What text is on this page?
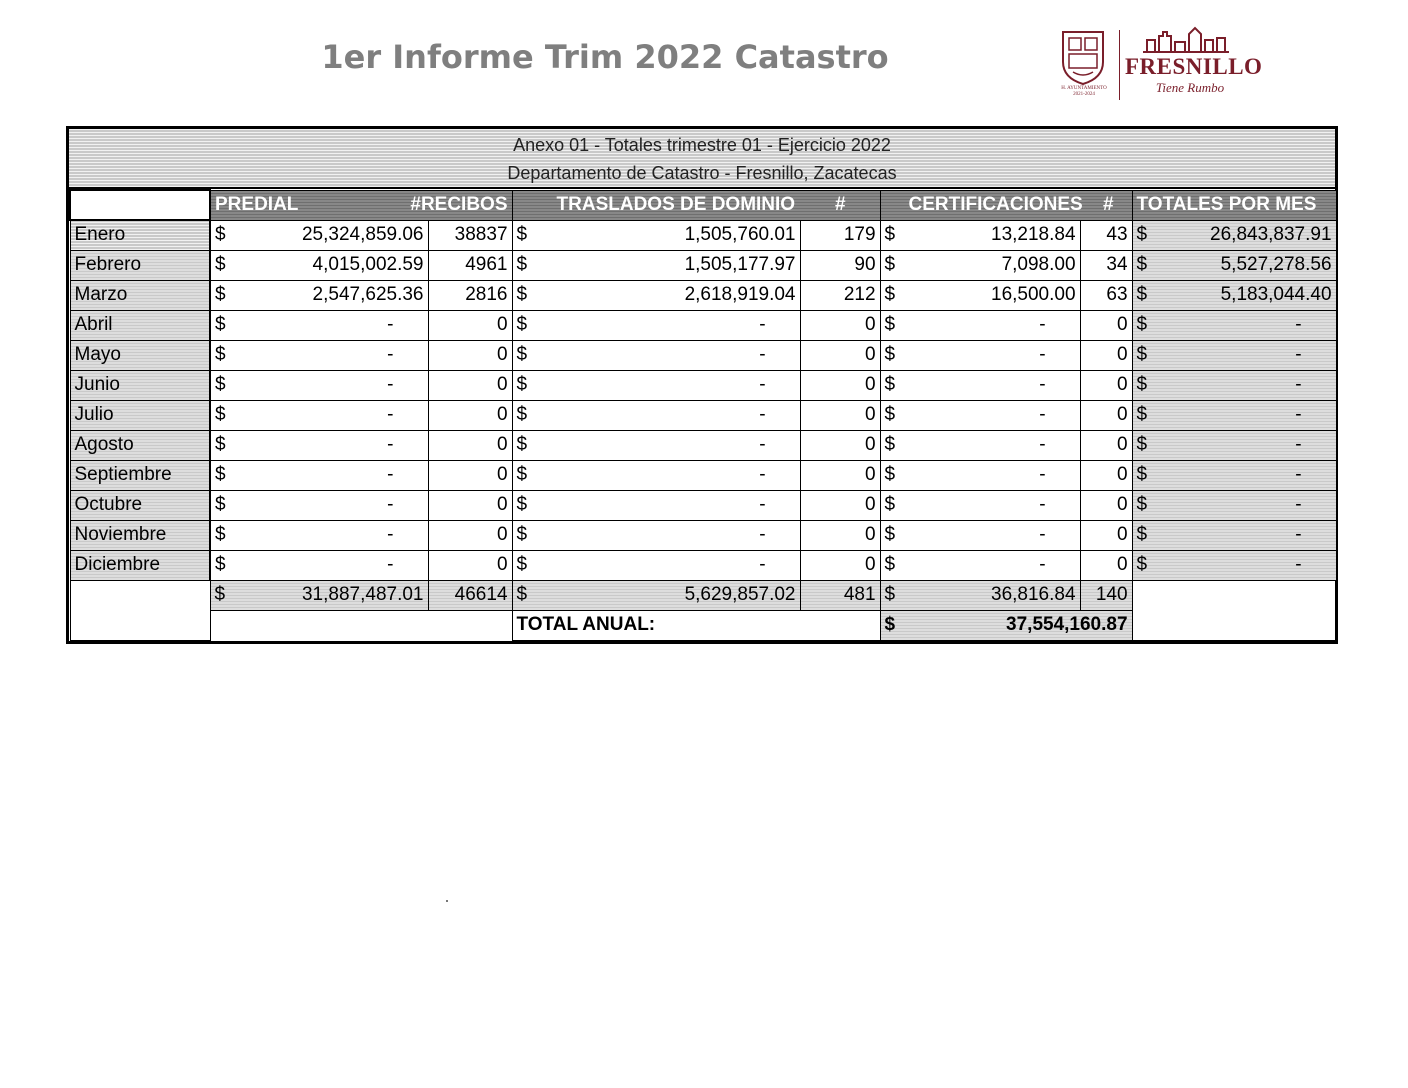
1er Informe Trim 2022 Catastro
H. AYUNTAMIENTO
2021-2024
FRESNILLO
Tiene Rumbo
Anexo 01 - Totales trimestre 01 - Ejercicio 2022
Departamento de Catastro - Fresnillo, Zacatecas

	PREDIAL #RECIBOS		TRASLADOS DE DOMINIO #		CERTIFICACIONES #		TOTALES POR MES
Enero	$ 25,324,859.06	38837	$ 1,505,760.01	179	$ 13,218.84	43	$ 26,843,837.91

Febrero	$ 4,015,002.59	4961	$ 1,505,177.97	90	$ 7,098.00	34	$ 5,527,278.56

Marzo	$ 2,547,625.36	2816	$ 2,618,919.04	212	$ 16,500.00	63	$ 5,183,044.40

Abril	$ -	0	$ -	0	$ -	0	$ -

Mayo	$ -	0	$ -	0	$ -	0	$ -

Junio	$ -	0	$ -	0	$ -	0	$ -

Julio	$ -	0	$ -	0	$ -	0	$ -

Agosto	$ -	0	$ -	0	$ -	0	$ -

Septiembre	$ -	0	$ -	0	$ -	0	$ -

Octubre	$ -	0	$ -	0	$ -	0	$ -

Noviembre	$ -	0	$ -	0	$ -	0	$ -

Diciembre	$ -	0	$ -	0	$ -	0	$ -

	$ 31,887,487.01	46614	$ 5,629,857.02	481	$ 36,816.84	140	
			TOTAL ANUAL:		$ 37,554,160.87		
